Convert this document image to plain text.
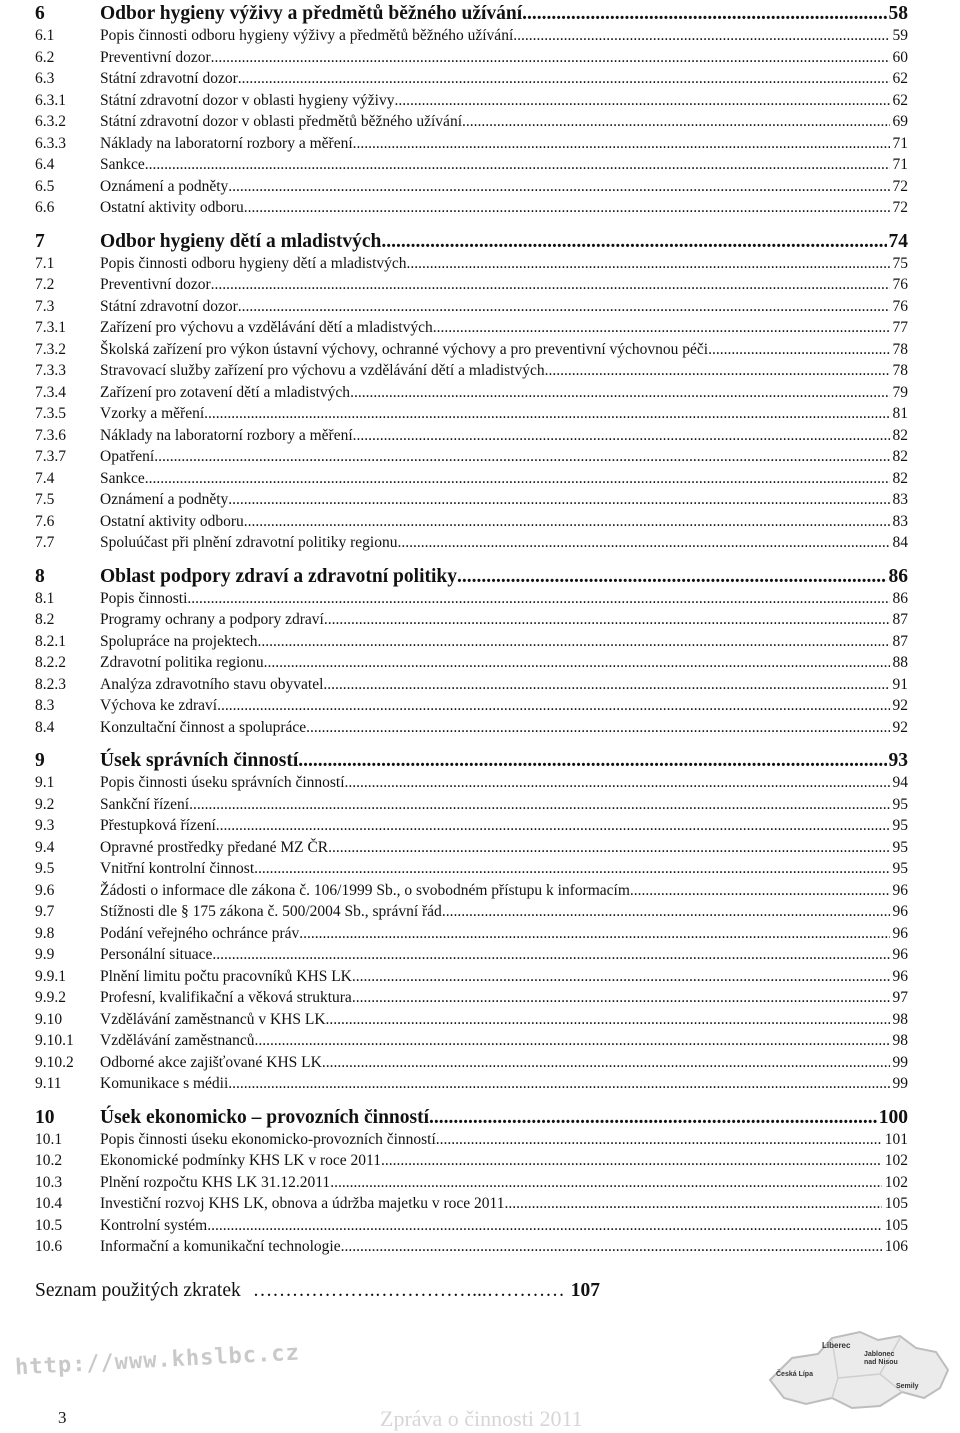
6	Odbor hygieny výživy a předmětů běžného užívání .....	58
6.1	Popis činnosti odboru hygieny výživy a předmětů běžného užívání .....	59
6.2	Preventivní dozor .....	60
6.3	Státní zdravotní dozor .....	62
6.3.1	Státní zdravotní dozor v oblasti hygieny výživy .....	62
6.3.2	Státní zdravotní dozor v oblasti předmětů běžného užívání .....	69
6.3.3	Náklady na laboratorní rozbory a měření .....	71
6.4	Sankce .....	71
6.5	Oznámení a podněty .....	72
6.6	Ostatní aktivity odboru .....	72
7	Odbor hygieny dětí a mladistvých .....	74
7.1	Popis činnosti odboru hygieny dětí a mladistvých .....	75
7.2	Preventivní dozor .....	76
7.3	Státní zdravotní dozor .....	76
7.3.1	Zařízení pro výchovu a vzdělávání dětí a mladistvých .....	77
7.3.2	Školská zařízení pro výkon ústavní výchovy, ochranné výchovy a pro preventivní výchovnou péči .....	78
7.3.3	Stravovací služby zařízení pro výchovu a vzdělávání dětí a mladistvých .....	78
7.3.4	Zařízení pro zotavení dětí a mladistvých .....	79
7.3.5	Vzorky a měření .....	81
7.3.6	Náklady na laboratorní rozbory a měření .....	82
7.3.7	Opatření .....	82
7.4	Sankce .....	82
7.5	Oznámení a podněty .....	83
7.6	Ostatní aktivity odboru .....	83
7.7	Spoluúčast při plnění zdravotní politiky regionu .....	84
8	Oblast podpory zdraví a zdravotní politiky .....	86
8.1	Popis činnosti .....	86
8.2	Programy ochrany a podpory zdraví .....	87
8.2.1	Spolupráce na projektech .....	87
8.2.2	Zdravotní politika regionu .....	88
8.2.3	Analýza zdravotního stavu obyvatel .....	91
8.3	Výchova ke zdraví .....	92
8.4	Konzultační činnost a spolupráce .....	92
9	Úsek správních činností .....	93
9.1	Popis činnosti úseku správních činností .....	94
9.2	Sankční řízení .....	95
9.3	Přestupková řízení .....	95
9.4	Opravné prostředky předané MZ ČR .....	95
9.5	Vnitřní kontrolní činnost .....	95
9.6	Žádosti o informace dle zákona č. 106/1999 Sb., o svobodném přístupu k informacím .....	96
9.7	Stížnosti dle § 175 zákona č. 500/2004 Sb., správní řád .....	96
9.8	Podání veřejného ochránce práv .....	96
9.9	Personální situace .....	96
9.9.1	Plnění limitu počtu pracovníků KHS LK .....	96
9.9.2	Profesní, kvalifikační a věková struktura .....	97
9.10	Vzdělávání zaměstnanců v KHS LK .....	98
9.10.1	Vzdělávání zaměstnanců .....	98
9.10.2	Odborné akce zajišťované KHS LK .....	99
9.11	Komunikace s médii .....	99
10	Úsek ekonomicko – provozních činností .....	100
10.1	Popis činnosti úseku ekonomicko-provozních činností .....	101
10.2	Ekonomické podmínky KHS LK v roce 2011 .....	102
10.3	Plnění rozpočtu KHS LK 31.12.2011 .....	102
10.4	Investiční rozvoj KHS LK, obnova a údržba majetku v roce 2011 .....	105
10.5	Kontrolní systém .....	105
10.6	Informační a komunikační technologie .....	106
Seznam použitých zkratek ……………….……………...………… 107
http://www.khslbc.cz	Liberec
Jablonec nad Nisou
Česká Lípa
Semily
3	Zpráva o činnosti 2011
